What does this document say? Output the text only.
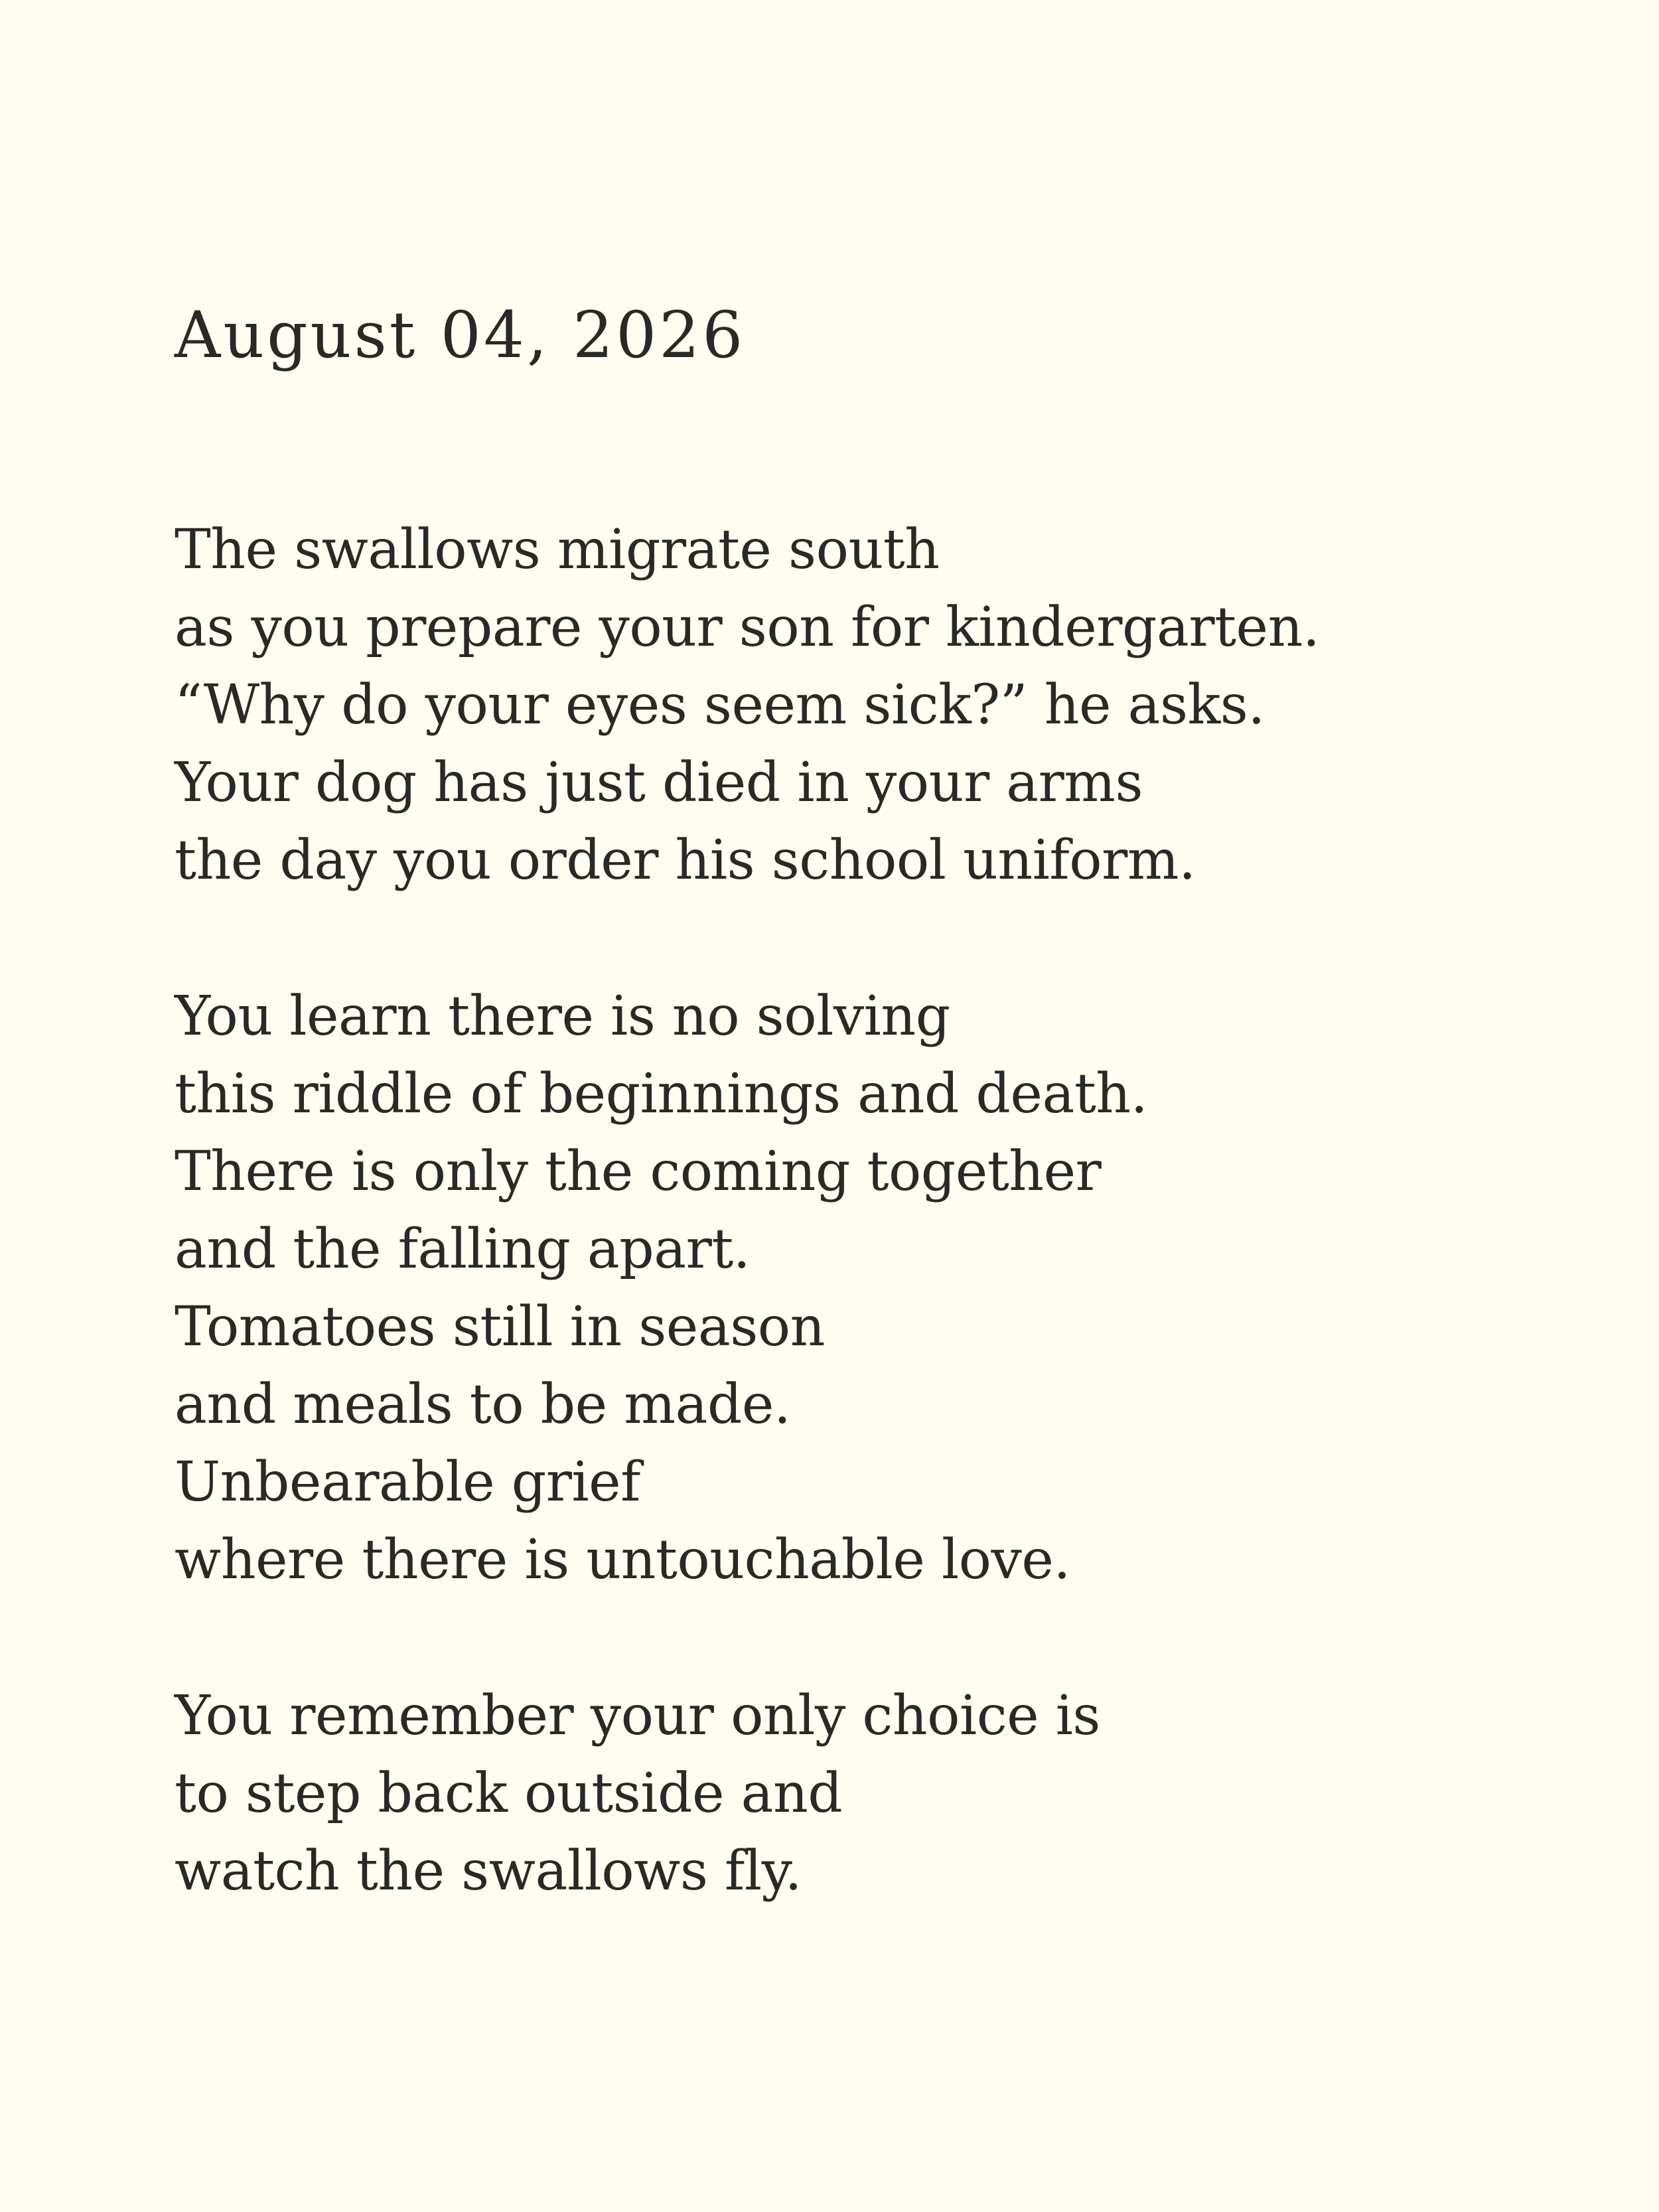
August 04, 2026
The swallows migrate south
as you prepare your son for kindergarten.
“Why do your eyes seem sick?” he asks.
Your dog has just died in your arms
the day you order his school uniform.
You learn there is no solving
this riddle of beginnings and death.
There is only the coming together
and the falling apart.
Tomatoes still in season
and meals to be made.
Unbearable grief
where there is untouchable love.
You remember your only choice is
to step back outside and
watch the swallows fly.
